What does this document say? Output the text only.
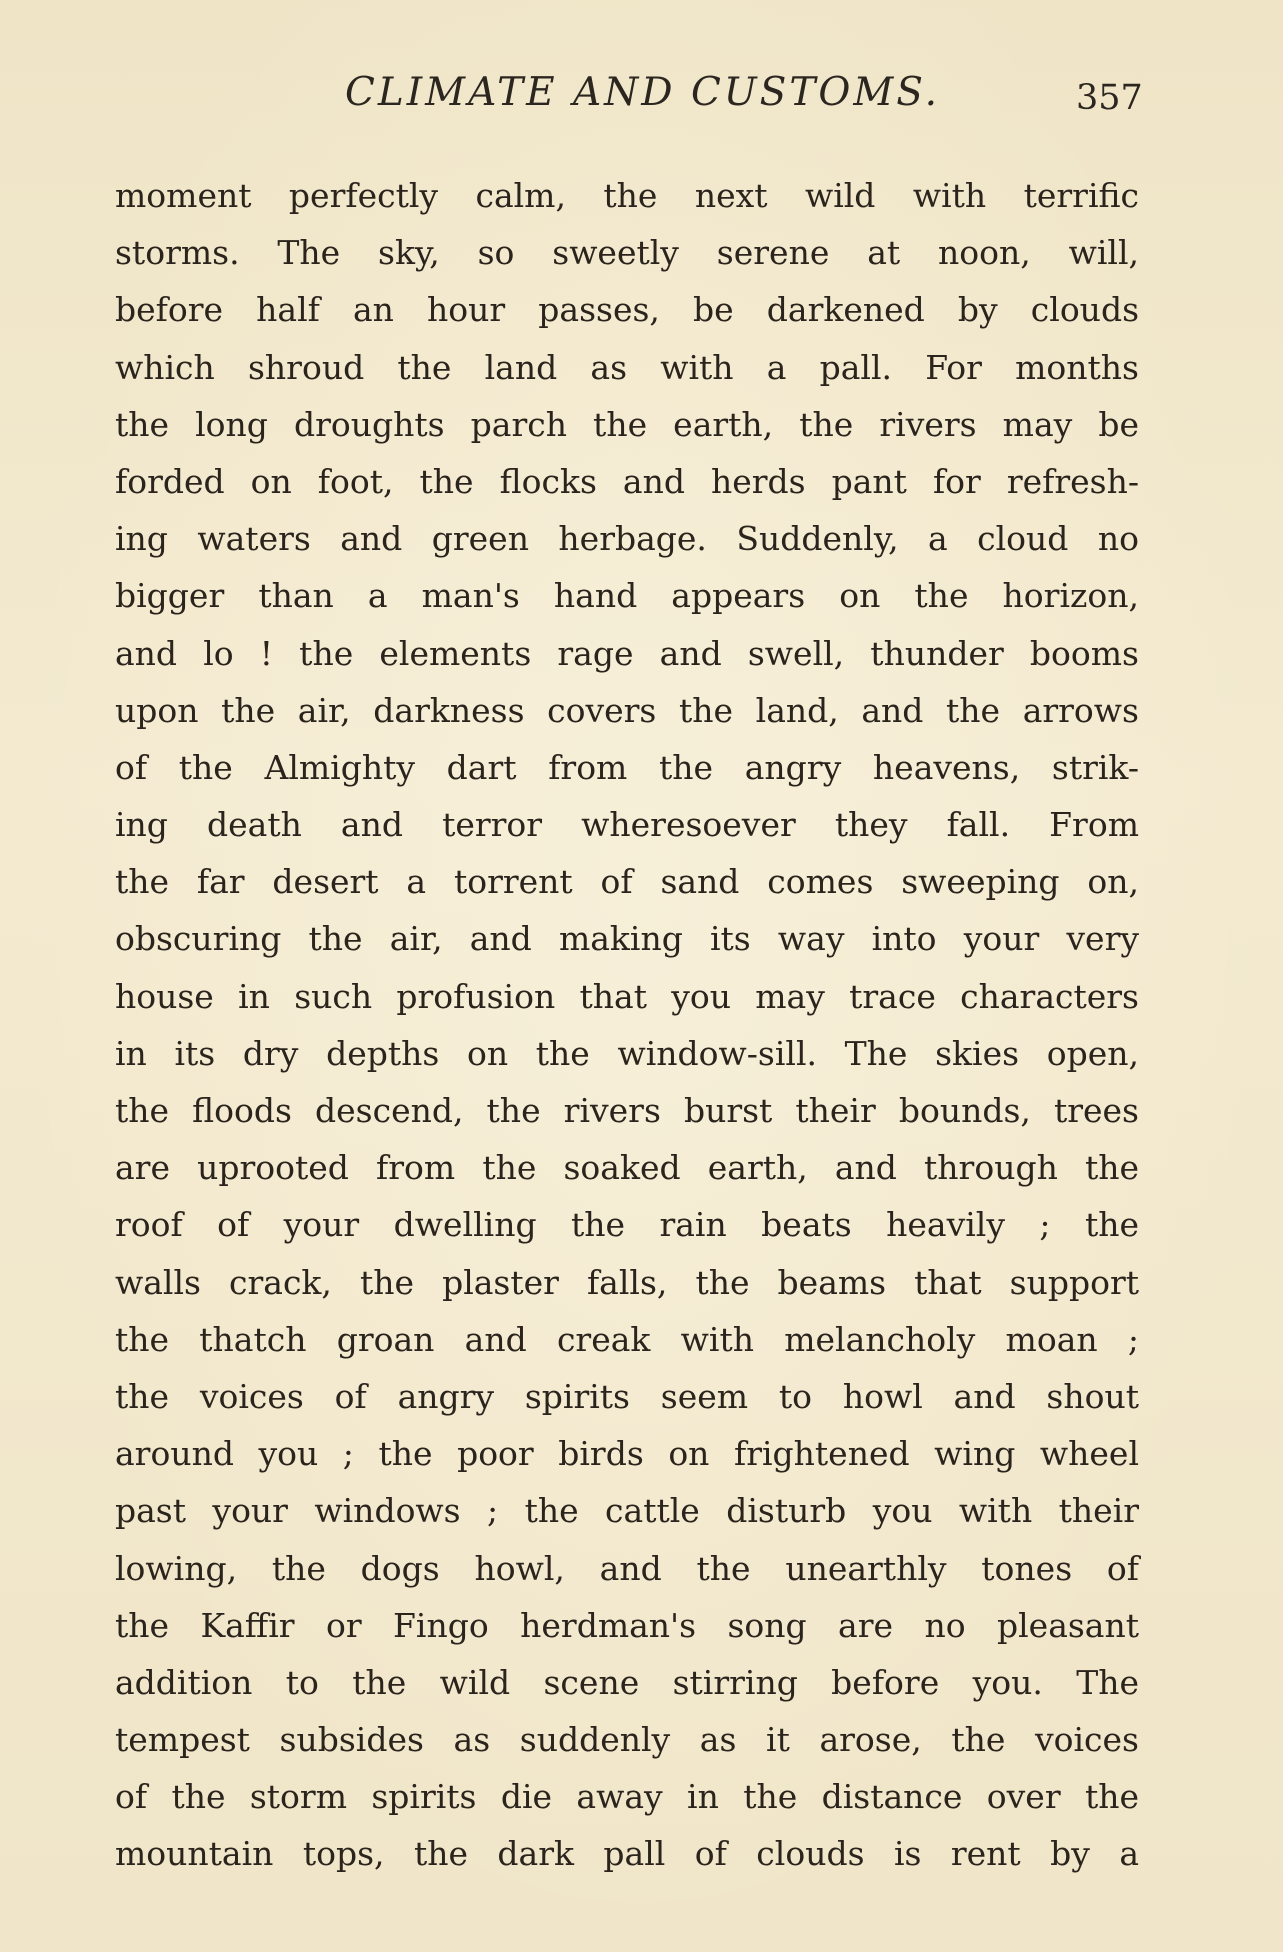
CLIMATE AND CUSTOMS.	357
moment perfectly calm, the next wild with terrific
storms. The sky, so sweetly serene at noon, will,
before half an hour passes, be darkened by clouds
which shroud the land as with a pall. For months
the long droughts parch the earth, the rivers may be
forded on foot, the flocks and herds pant for refresh-
ing waters and green herbage. Suddenly, a cloud no
bigger than a man's hand appears on the horizon,
and lo ! the elements rage and swell, thunder booms
upon the air, darkness covers the land, and the arrows
of the Almighty dart from the angry heavens, strik-
ing death and terror wheresoever they fall. From
the far desert a torrent of sand comes sweeping on,
obscuring the air, and making its way into your very
house in such profusion that you may trace characters
in its dry depths on the window-sill. The skies open,
the floods descend, the rivers burst their bounds, trees
are uprooted from the soaked earth, and through the
roof of your dwelling the rain beats heavily ; the
walls crack, the plaster falls, the beams that support
the thatch groan and creak with melancholy moan ;
the voices of angry spirits seem to howl and shout
around you ; the poor birds on frightened wing wheel
past your windows ; the cattle disturb you with their
lowing, the dogs howl, and the unearthly tones of
the Kaffir or Fingo herdman's song are no pleasant
addition to the wild scene stirring before you. The
tempest subsides as suddenly as it arose, the voices
of the storm spirits die away in the distance over the
mountain tops, the dark pall of clouds is rent by a
